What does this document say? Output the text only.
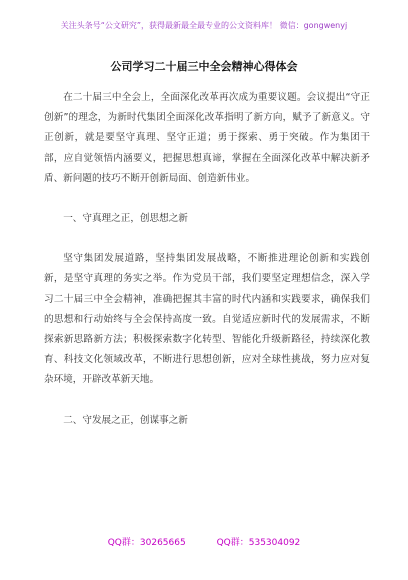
关注头条号“公文研究”，获得最新最全最专业的公文资料库！ 微信：gongwenyj
公司学习二十届三中全会精神心得体会

在二十届三中全会上，全面深化改革再次成为重要议题。会议提出“守正创新”的理念，为新时代集团全面深化改革指明了新方向，赋予了新意义。守正创新，就是要坚守真理、坚守正道；勇于探索、勇于突破。作为集团干部，应自觉领悟内涵要义，把握思想真谛，掌握在全面深化改革中解决新矛盾、新问题的技巧不断开创新局面、创造新伟业。

一、守真理之正，创思想之新

坚守集团发展道路，坚持集团发展战略，不断推进理论创新和实践创新，是坚守真理的务实之举。作为党员干部，我们要坚定理想信念，深入学习二十届三中全会精神，准确把握其丰富的时代内涵和实践要求，确保我们的思想和行动始终与全会保持高度一致。自觉适应新时代的发展需求，不断探索新思路新方法；积极探索数字化转型、智能化升级新路径，持续深化教育、科技文化领域改革，不断进行思想创新，应对全球性挑战，努力应对复杂环境，开辟改革新天地。

二、守发展之正，创谋事之新

QQ群：30265665	QQ群：535304092
